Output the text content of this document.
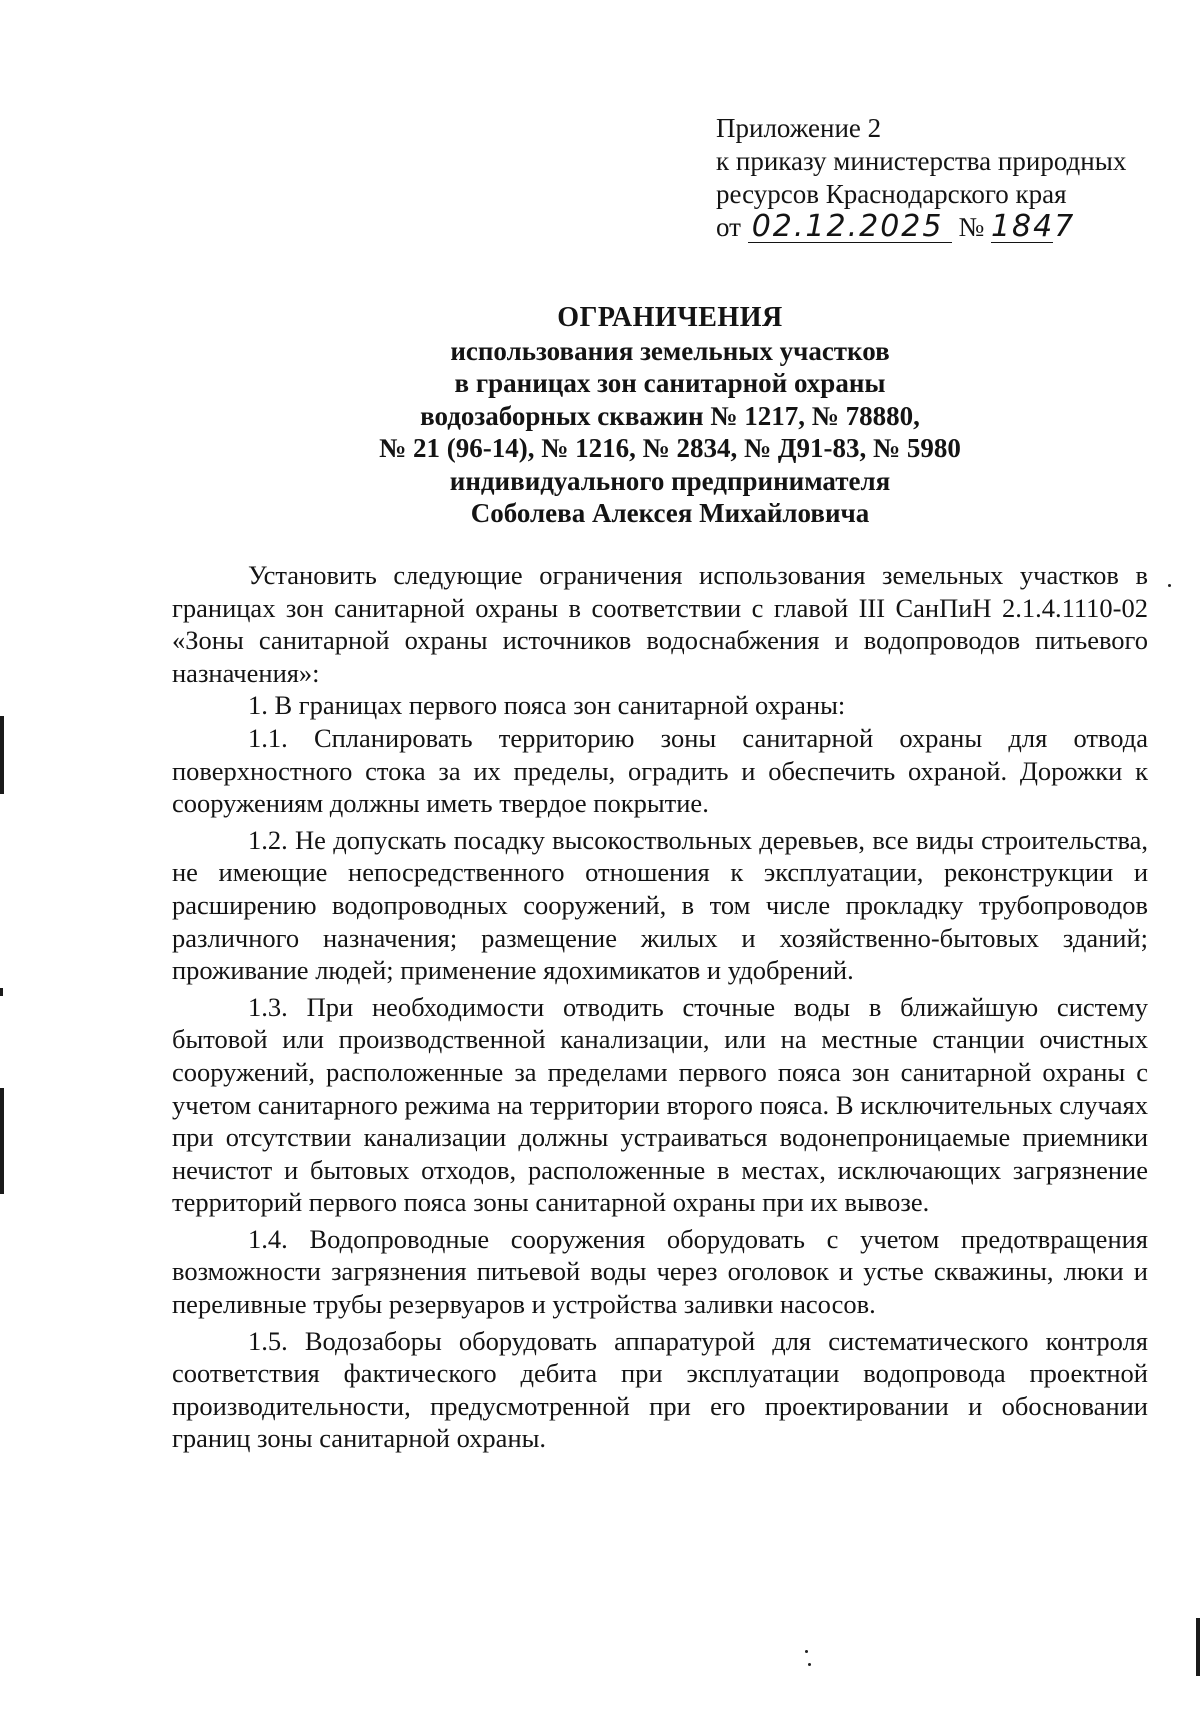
Приложение 2
к приказу министерства природных
ресурсов Краснодарского края
от 02.12.2025 № 1847
ОГРАНИЧЕНИЯ
использования земельных участков
в границах зон санитарной охраны
водозаборных скважин № 1217, № 78880,
№ 21 (96-14), № 1216, № 2834, № Д91-83, № 5980
индивидуального предпринимателя
Соболева Алексея Михайловича

Установить следующие ограничения использования земельных участков в границах зон санитарной охраны в соответствии с главой III СанПиН 2.1.4.1110-02 «Зоны санитарной охраны источников водоснабжения и водопроводов питьевого назначения»:

1. В границах первого пояса зон санитарной охраны:

1.1. Спланировать территорию зоны санитарной охраны для отвода поверхностного стока за их пределы, оградить и обеспечить охраной. Дорожки к сооружениям должны иметь твердое покрытие.

1.2. Не допускать посадку высокоствольных деревьев, все виды строительства, не имеющие непосредственного отношения к эксплуатации, реконструкции и расширению водопроводных сооружений, в том числе прокладку трубопроводов различного назначения; размещение жилых и хозяйственно-бытовых зданий; проживание людей; применение ядохимикатов и удобрений.

1.3. При необходимости отводить сточные воды в ближайшую систему бытовой или производственной канализации, или на местные станции очистных сооружений, расположенные за пределами первого пояса зон санитарной охраны с учетом санитарного режима на территории второго пояса. В исключительных случаях при отсутствии канализации должны устраиваться водонепроницаемые приемники нечистот и бытовых отходов, расположенные в местах, исключающих загрязнение территорий первого пояса зоны санитарной охраны при их вывозе.

1.4. Водопроводные сооружения оборудовать с учетом предотвращения возможности загрязнения питьевой воды через оголовок и устье скважины, люки и переливные трубы резервуаров и устройства заливки насосов.

1.5. Водозаборы оборудовать аппаратурой для систематического контроля соответствия фактического дебита при эксплуатации водопровода проектной производительности, предусмотренной при его проектировании и обосновании границ зоны санитарной охраны.
